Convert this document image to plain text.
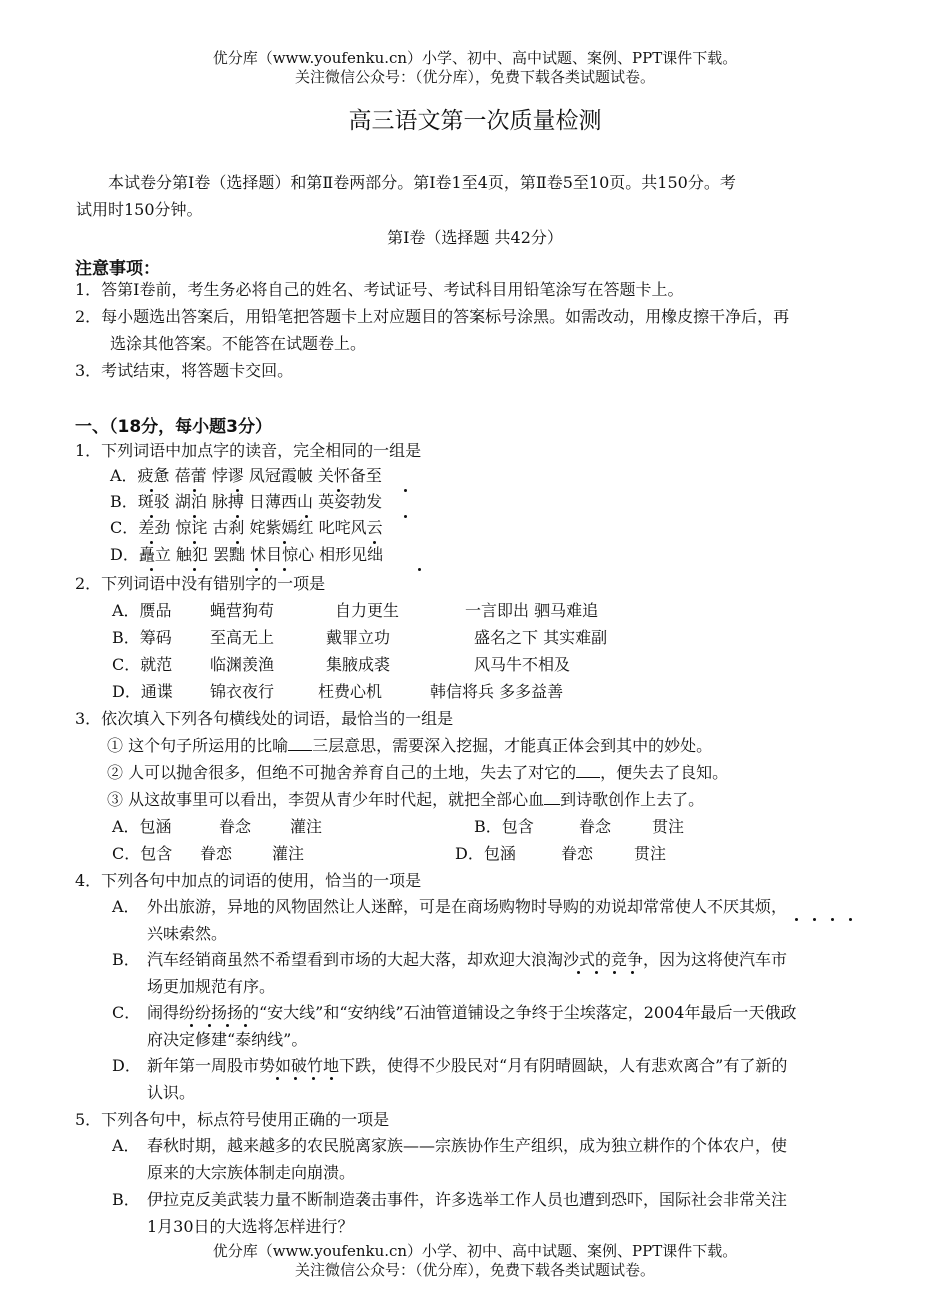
优分库（www.youfenku.cn）小学、初中、高中试题、案例、PPT课件下载。
关注微信公众号：（优分库），免费下载各类试题试卷。
高三语文第一次质量检测
本试卷分第Ⅰ卷（选择题）和第Ⅱ卷两部分。第Ⅰ卷1至4页，第Ⅱ卷5至10页。共150分。考
试用时150分钟。
第Ⅰ卷（选择题 共42分）
注意事项：
1．答第Ⅰ卷前，考生务必将自己的姓名、考试证号、考试科目用铅笔涂写在答题卡上。
2．每小题选出答案后，用铅笔把答题卡上对应题目的答案标号涂黑。如需改动，用橡皮擦干净后，再
选涂其他答案。不能答在试题卷上。
3．考试结束，将答题卡交回。
一、（18分，每小题3分）
1．下列词语中加点字的读音，完全相同的一组是
A．疲惫 蓓蕾 悖谬 凤冠霞帔 关怀备至
B．斑驳 湖泊 脉搏 日薄西山 英姿勃发
C．差劲 惊诧 古刹 姹紫嫣红 叱咤风云
D．矗立 触犯 罢黜 怵目惊心 相形见绌
2．下列词语中没有错别字的一项是
A．赝品 蝇营狗苟	自力更生	一言即出 驷马难追
B．筹码 至高无上	戴罪立功	盛名之下 其实难副
C．就范 临渊羡渔	集腋成裘	风马牛不相及
D．通谍 锦衣夜行	枉费心机	韩信将兵 多多益善
3．依次填入下列各句横线处的词语，最恰当的一组是
① 这个句子所运用的比喻 三层意思，需要深入挖掘，才能真正体会到其中的妙处。
② 人可以抛舍很多，但绝不可抛舍养育自己的土地，失去了对它的 ，便失去了良知。
③ 从这故事里可以看出，李贺从青少年时代起，就把全部心血 到诗歌创作上去了。
A．包涵	眷念 灌注	B．包含	眷念	贯注
C．包含 眷恋 灌注	D．包涵	眷恋	贯注
4．下列各句中加点的词语的使用，恰当的一项是
A． 外出旅游，异地的风物固然让人迷醉，可是在商场购物时导购的劝说却常常使人不厌其烦，
兴味索然。
B． 汽车经销商虽然不希望看到市场的大起大落，却欢迎大浪淘沙式的竞争，因为这将使汽车市
场更加规范有序。
C． 闹得纷纷扬扬的“安大线”和“安纳线”石油管道铺设之争终于尘埃落定，2004年最后一天俄政
府决定修建“泰纳线”。
D． 新年第一周股市势如破竹地下跌，使得不少股民对“月有阴晴圆缺，人有悲欢离合”有了新的
认识。
5．下列各句中，标点符号使用正确的一项是
A． 春秋时期，越来越多的农民脱离家族——宗族协作生产组织，成为独立耕作的个体农户，使
原来的大宗族体制走向崩溃。
B． 伊拉克反美武装力量不断制造袭击事件，许多选举工作人员也遭到恐吓，国际社会非常关注
1月30日的大选将怎样进行？
优分库（www.youfenku.cn）小学、初中、高中试题、案例、PPT课件下载。
关注微信公众号：（优分库），免费下载各类试题试卷。
